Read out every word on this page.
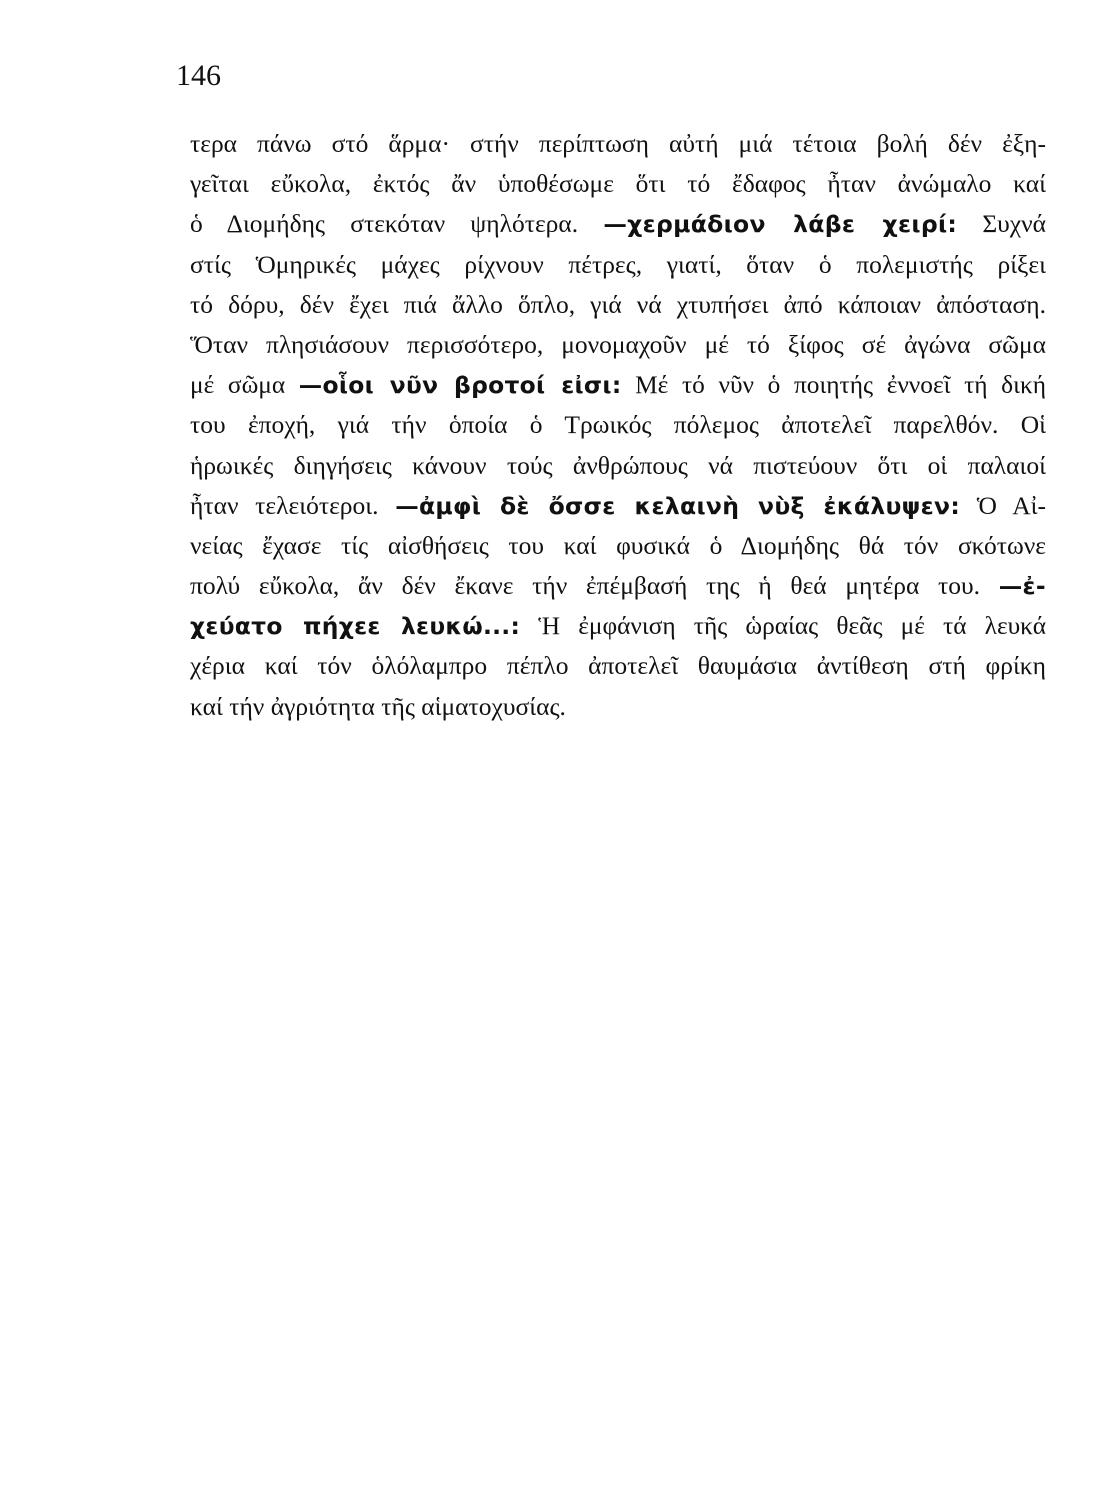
146
τερα πάνω στό ἅρμα· στήν περίπτωση αὐτή μιά τέτοια βολή δέν ἐξη-
γεῖται εὔκολα, ἐκτός ἄν ὑποθέσωμε ὅτι τό ἔδαφος ἦταν ἀνώμαλο καί
ὁ Διομήδης στεκόταν ψηλότερα. —χερμάδιον λάβε χειρί: Συχνά
στίς Ὁμηρικές μάχες ρίχνουν πέτρες, γιατί, ὅταν ὁ πολεμιστής ρίξει
τό δόρυ, δέν ἔχει πιά ἄλλο ὅπλο, γιά νά χτυπήσει ἀπό κάποιαν ἀπόσταση.
Ὅταν πλησιάσουν περισσότερο, μονομαχοῦν μέ τό ξίφος σέ ἀγώνα σῶμα
μέ σῶμα —οἷοι νῦν βροτοί εἰσι: Μέ τό νῦν ὁ ποιητής ἐννοεῖ τή δική
του ἐποχή, γιά τήν ὁποία ὁ Τρωικός πόλεμος ἀποτελεῖ παρελθόν. Οἱ
ἡρωικές διηγήσεις κάνουν τούς ἀνθρώπους νά πιστεύουν ὅτι οἱ παλαιοί
ἦταν τελειότεροι. —ἀμφὶ δὲ ὄσσε κελαινὴ νὺξ ἐκάλυψεν: Ὁ Αἰ-
νείας ἔχασε τίς αἰσθήσεις του καί φυσικά ὁ Διομήδης θά τόν σκότωνε
πολύ εὔκολα, ἄν δέν ἔκανε τήν ἐπέμβασή της ἡ θεά μητέρα του. —ἐ-
χεύατο πήχεε λευκώ...: Ἡ ἐμφάνιση τῆς ὡραίας θεᾶς μέ τά λευκά
χέρια καί τόν ὁλόλαμπρο πέπλο ἀποτελεῖ θαυμάσια ἀντίθεση στή φρίκη
καί τήν ἀγριότητα τῆς αἱματοχυσίας.
